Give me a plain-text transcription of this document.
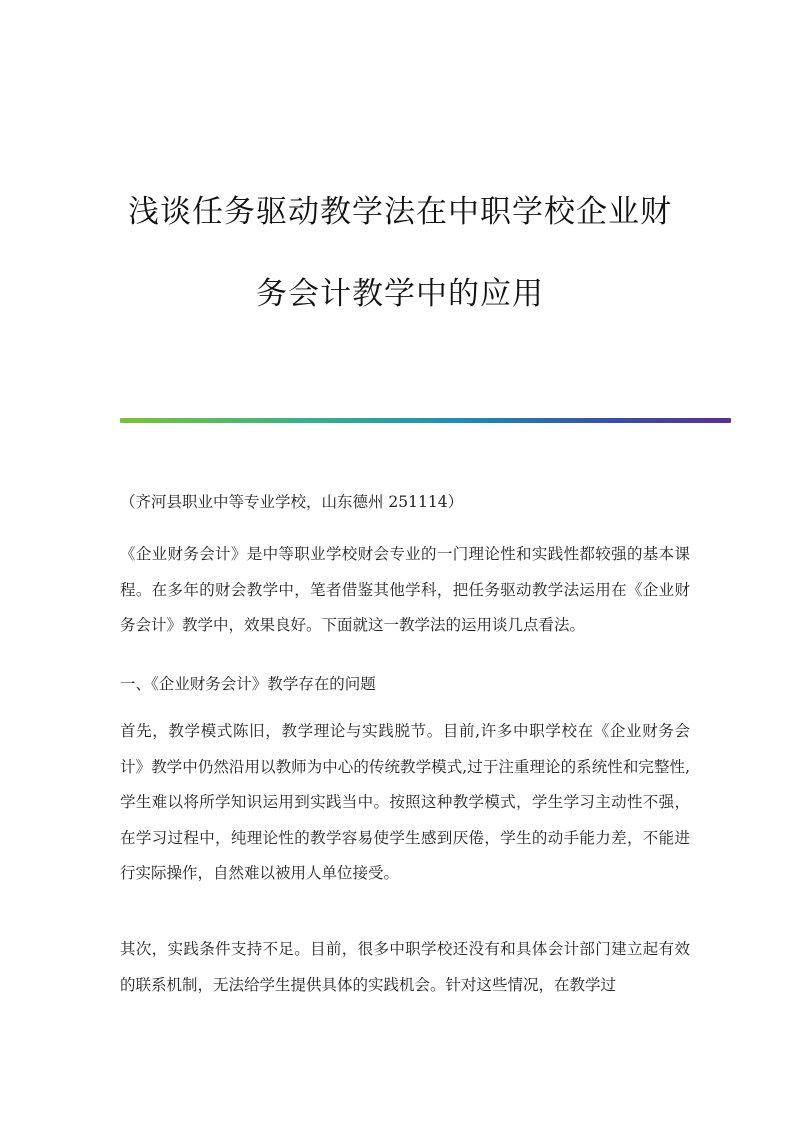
浅谈任务驱动教学法在中职学校企业财
务会计教学中的应用

（齐河县职业中等专业学校，山东德州 251114）

《企业财务会计》是中等职业学校财会专业的一门理论性和实践性都较强的基本课程。在多年的财会教学中，笔者借鉴其他学科，把任务驱动教学法运用在《企业财务会计》教学中，效果良好。下面就这一教学法的运用谈几点看法。

一、《企业财务会计》教学存在的问题

首先，教学模式陈旧，教学理论与实践脱节。目前,许多中职学校在《企业财务会计》教学中仍然沿用以教师为中心的传统教学模式,过于注重理论的系统性和完整性,学生难以将所学知识运用到实践当中。按照这种教学模式，学生学习主动性不强，在学习过程中，纯理论性的教学容易使学生感到厌倦，学生的动手能力差，不能进行实际操作，自然难以被用人单位接受。

其次，实践条件支持不足。目前，很多中职学校还没有和具体会计部门建立起有效的联系机制，无法给学生提供具体的实践机会。针对这些情况，在教学过
